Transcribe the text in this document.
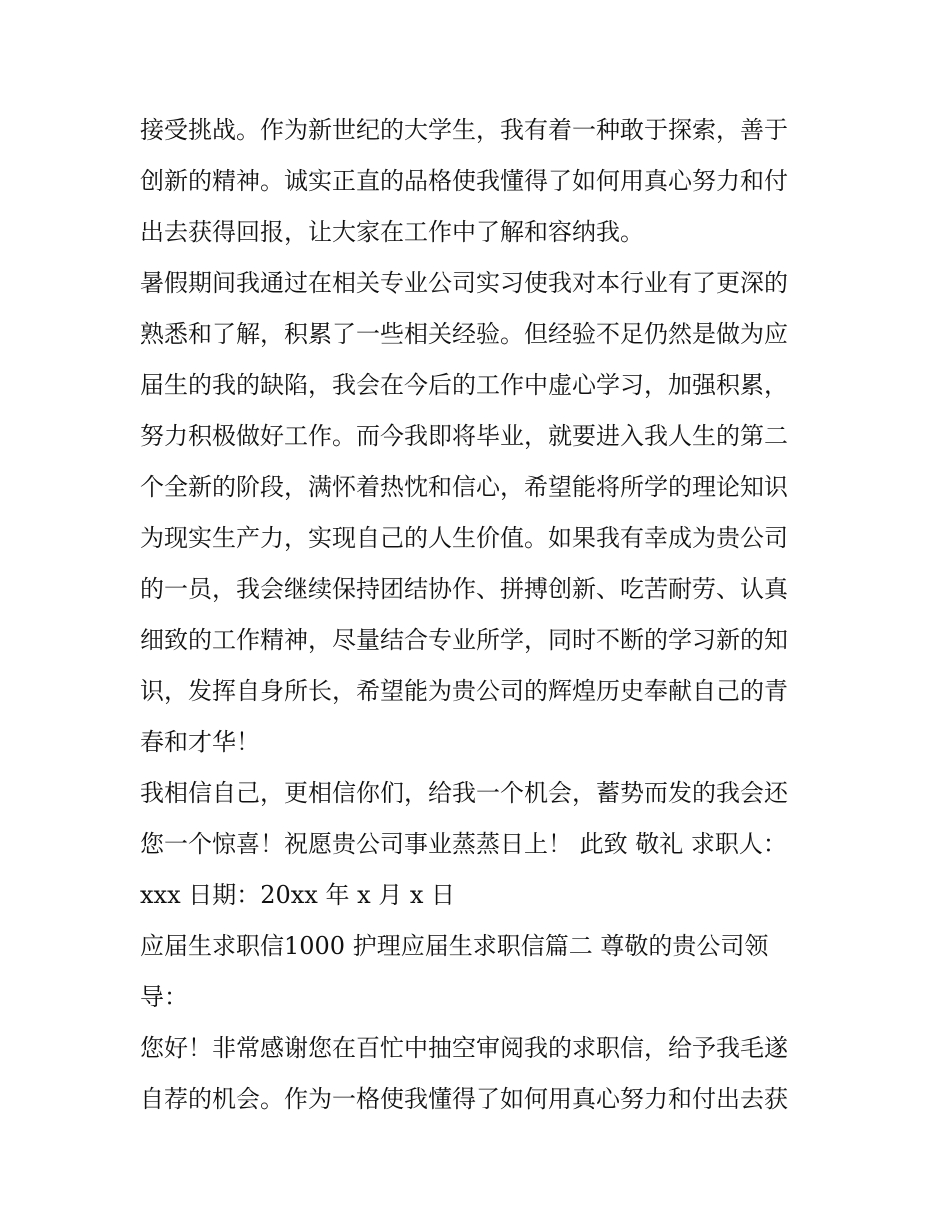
接受挑战。作为新世纪的大学生，我有着一种敢于探索，善于
创新的精神。诚实正直的品格使我懂得了如何用真心努力和付
出去获得回报，让大家在工作中了解和容纳我。
暑假期间我通过在相关专业公司实习使我对本行业有了更深的
熟悉和了解，积累了一些相关经验。但经验不足仍然是做为应
届生的我的缺陷，我会在今后的工作中虚心学习，加强积累，
努力积极做好工作。而今我即将毕业，就要进入我人生的第二
个全新的阶段，满怀着热忱和信心，希望能将所学的理论知识
为现实生产力，实现自己的人生价值。如果我有幸成为贵公司
的一员，我会继续保持团结协作、拼搏创新、吃苦耐劳、认真
细致的工作精神，尽量结合专业所学，同时不断的学习新的知
识，发挥自身所长，希望能为贵公司的辉煌历史奉献自己的青
春和才华！
我相信自己，更相信你们，给我一个机会，蓄势而发的我会还
您一个惊喜！祝愿贵公司事业蒸蒸日上！ 此致 敬礼 求职人：
xxx 日期：20xx 年 x 月 x 日
应届生求职信1000 护理应届生求职信篇二 尊敬的贵公司领
导：
您好！非常感谢您在百忙中抽空审阅我的求职信，给予我毛遂
自荐的机会。作为一格使我懂得了如何用真心努力和付出去获
